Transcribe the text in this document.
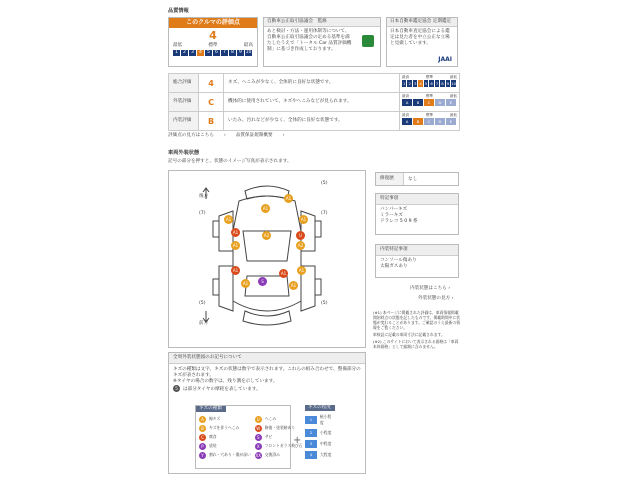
品質情報
このクルマの評価点
4
最低	標準	最高
1	2	3	4	5	6	7	8	9 10
自動車公正取引協議会　監修
あと検討・方法・運用体制等について、自動車公正取引協議会の定める基準を満たしたうえで「トータル Car 品質評価機制」に基づき作成しております。
日本自動車鑑定協会 定期鑑定
日本自動車査定協会による鑑定は見た者を中立公正な立場と見做しています。
JAAI
総合評価	4	ネズ、へこみが少なく、全体的に良好な状態です。
最高	標準	最低
1 2 3 4 5 6 7 8 9 10
外装評価	C	機体的に使用されていて、キズやへこみなどが見られます。
最高	標準	最低
A	B	C	D	E
内装評価	B	いたみ、汚れなどが少なく、全体的に良好な状態です。
最高	標準	最低
A	B	C	D	E
評価点の見方はこちら › 品質保証規制概要 ›
車両外装状態
記号の部分を押すと、状態のイメージ写真が表示されます。
後方
前方
(5)
(7)	(7)
(5)	(5)
A1
A1
A1	A1
A1
A2	U
A1	A2
A1	A1
A1
S
A1	A1
修復歴	なし
特記事項
バンパーキズ
ミラーキズ
ドラレコ 5 0 9 系
内装特記事項
コンソール傷あり
太陽ガスあり
内装状態はこちら ›
外装状態の見方 ›
(※1) 本ページに掲載された評価は、車両情報掲載開始時点の状態を記したものです。掲載期間中に状態が変わることがあります。ご確認のうえ最新の情報をご覧ください。
車検証に記載の車両寸法に記載されます。
(※2) このサイトにおいて表示される価格は「車両本体価格」として総額に含みません。
全周外装状態図のお記号について
キズの種類は文字、キズの状態は数字で表示されます。これらの組み合わせで、整備部分のキズが表されます。
※タイヤの場合の数字は、残り溝を示しています。
5 は部分タイヤの摩耗を表しています。
キズの種類
A 線キズ	U へこみ
B キズを伴うへこみ	W 修復・塗装跡あり
C 腐食	S サビ
P 塗装	X フロントガラス飛び石
Y 割れ・穴あり・傷が深い XX 交換済み
+
キズの程度
1
極小程度
2	小程度
3	中程度
4	大程度
